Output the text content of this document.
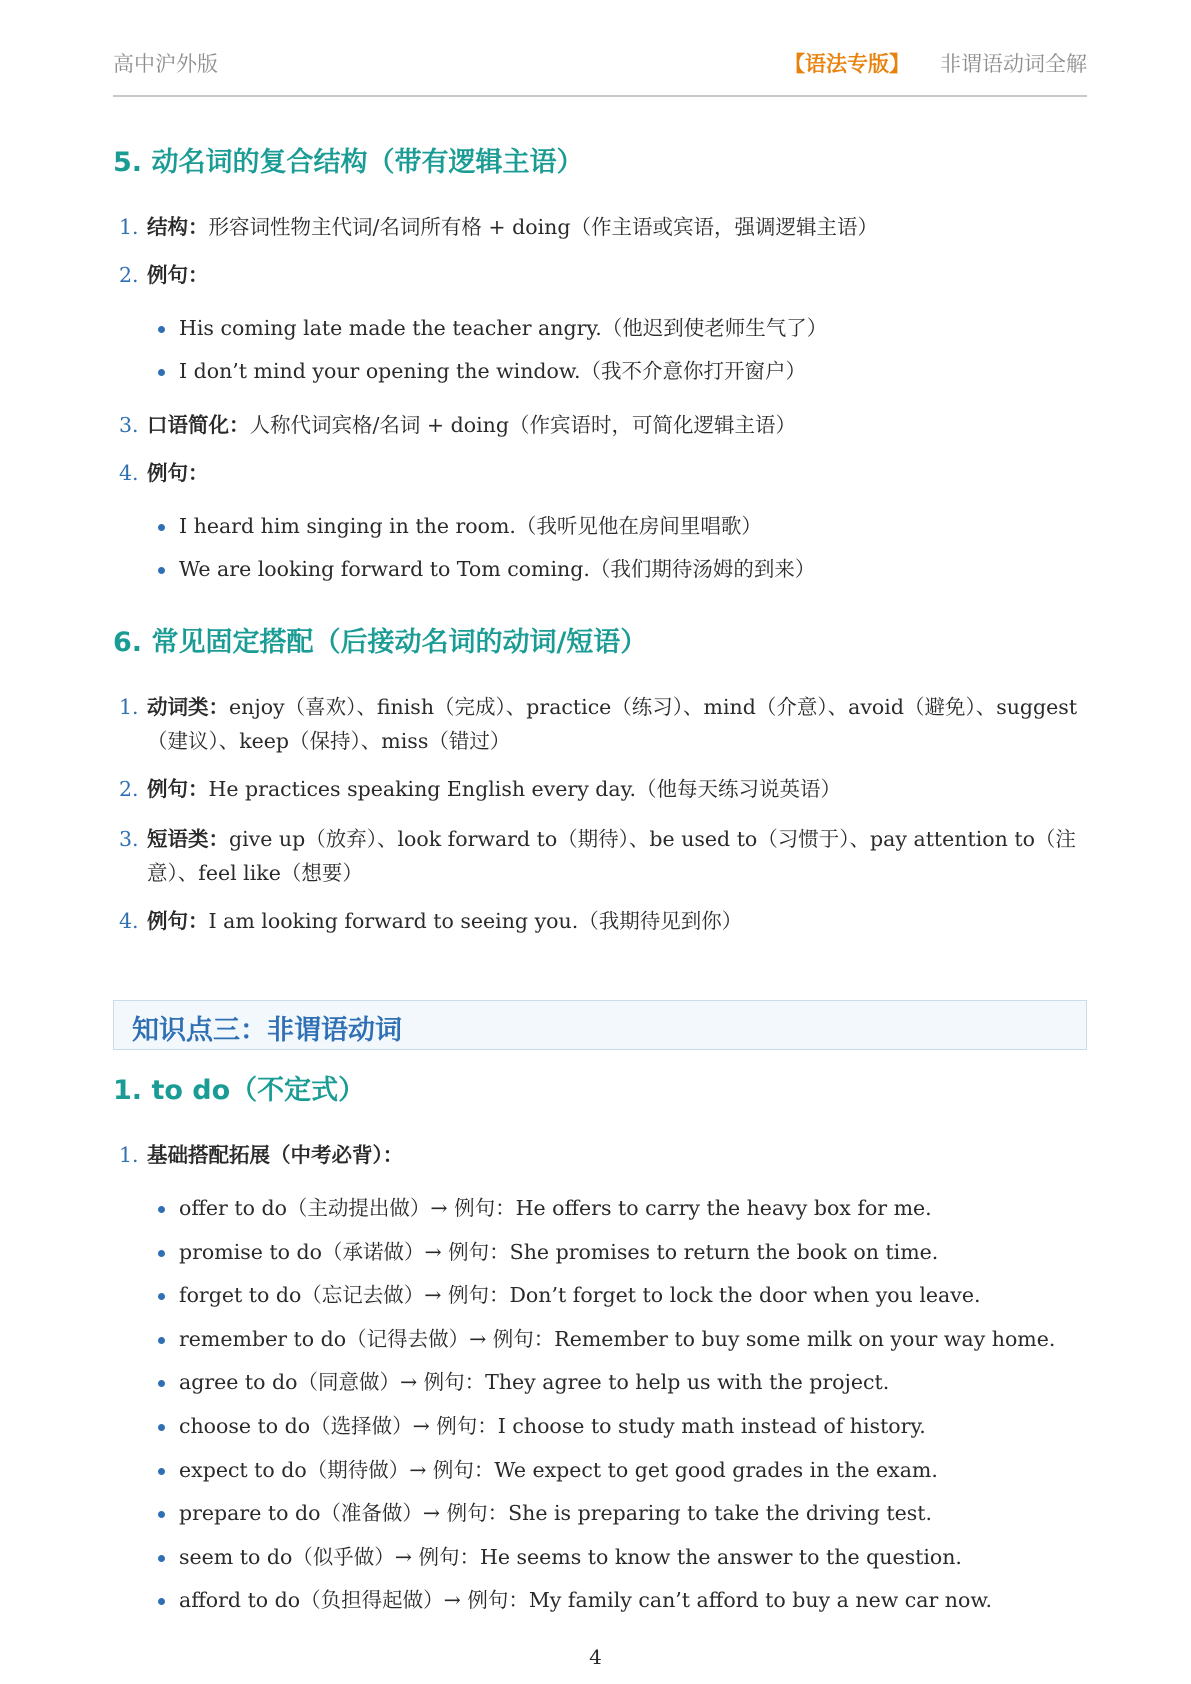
高中沪外版	【语法专版】 非谓语动词全解
5. 动名词的复合结构（带有逻辑主语）
1. 结构：形容词性物主代词/名词所有格 + doing（作主语或宾语，强调逻辑主语）
2. 例句：
His coming late made the teacher angry.（他迟到使老师生气了）
I don’t mind your opening the window.（我不介意你打开窗户）
3. 口语简化：人称代词宾格/名词 + doing（作宾语时，可简化逻辑主语）
4. 例句：
I heard him singing in the room.（我听见他在房间里唱歌）
We are looking forward to Tom coming.（我们期待汤姆的到来）
6. 常见固定搭配（后接动名词的动词/短语）
1. 动词类：enjoy（喜欢）、finish（完成）、practice（练习）、mind（介意）、avoid（避免）、suggest（建议）、keep（保持）、miss（错过）
2. 例句：He practices speaking English every day.（他每天练习说英语）
3. 短语类：give up（放弃）、look forward to（期待）、be used to（习惯于）、pay attention to（注意）、feel like（想要）
4. 例句：I am looking forward to seeing you.（我期待见到你）
知识点三：非谓语动词
1. to do（不定式）
1. 基础搭配拓展（中考必背）：
offer to do（主动提出做）→ 例句：He offers to carry the heavy box for me.
promise to do（承诺做）→ 例句：She promises to return the book on time.
forget to do（忘记去做）→ 例句：Don’t forget to lock the door when you leave.
remember to do（记得去做）→ 例句：Remember to buy some milk on your way home.
agree to do（同意做）→ 例句：They agree to help us with the project.
choose to do（选择做）→ 例句：I choose to study math instead of history.
expect to do（期待做）→ 例句：We expect to get good grades in the exam.
prepare to do（准备做）→ 例句：She is preparing to take the driving test.
seem to do（似乎做）→ 例句：He seems to know the answer to the question.
afford to do（负担得起做）→ 例句：My family can’t afford to buy a new car now.
4
